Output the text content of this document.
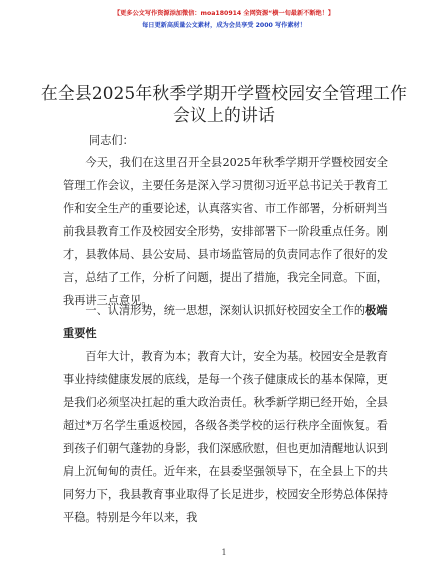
【更多公文写作资源添加微信：moa180914 全网资源“横一旬最新不断绝！】
每日更新高质量公文素材，成为会员享受 2000 写作素材！
在全县2025年秋季学期开学暨校园安全管理工作会议上的讲话
同志们：
今天，我们在这里召开全县2025年秋季学期开学暨校园安全管理工作会议，主要任务是深入学习贯彻习近平总书记关于教育工作和安全生产的重要论述，认真落实省、市工作部署，分析研判当前我县教育工作及校园安全形势，安排部署下一阶段重点任务。刚才，县教体局、县公安局、县市场监管局的负责同志作了很好的发言，总结了工作，分析了问题，提出了措施，我完全同意。下面，我再讲三点意见。
一、认清形势，统一思想，深刻认识抓好校园安全工作的极端重要性
百年大计，教育为本；教育大计，安全为基。校园安全是教育事业持续健康发展的底线，是每一个孩子健康成长的基本保障，更是我们必须坚决扛起的重大政治责任。秋季新学期已经开始，全县超过*万名学生重返校园，各级各类学校的运行秩序全面恢复。看到孩子们朝气蓬勃的身影，我们深感欣慰，但也更加清醒地认识到肩上沉甸甸的责任。近年来，在县委坚强领导下，在全县上下的共同努力下，我县教育事业取得了长足进步，校园安全形势总体保持平稳。特别是今年以来，我
1
